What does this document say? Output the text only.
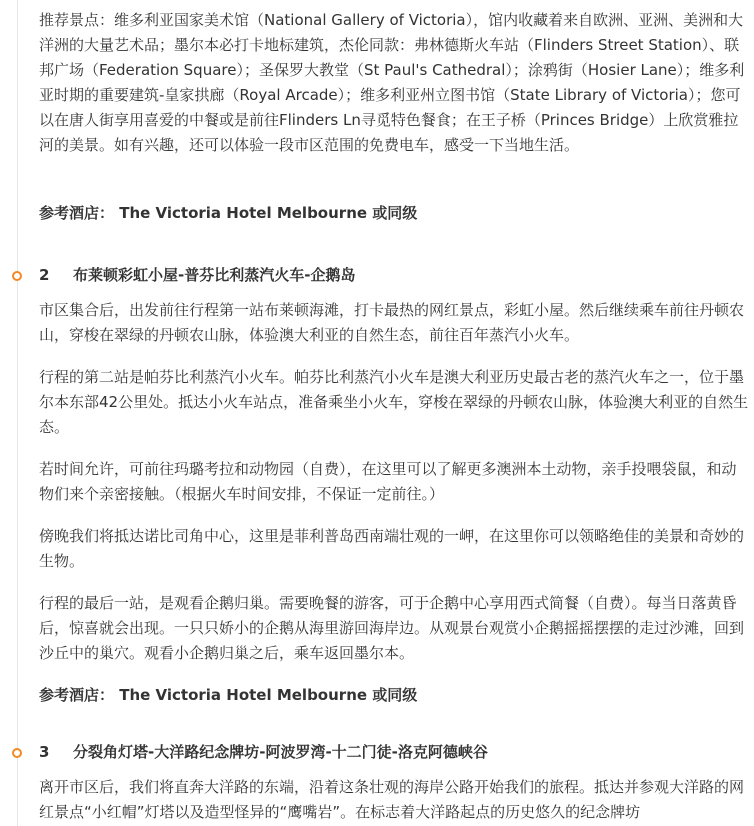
推荐景点：维多利亚国家美术馆（National Gallery of Victoria），馆内收藏着来自欧洲、亚洲、美洲和大洋洲的大量艺术品；墨尔本必打卡地标建筑，杰伦同款：弗林德斯火车站（Flinders Street Station）、联邦广场（Federation Square）；圣保罗大教堂（St Paul's Cathedral）；涂鸦街（Hosier Lane）；维多利亚时期的重要建筑-皇家拱廊（Royal Arcade）；维多利亚州立图书馆（State Library of Victoria）；您可以在唐人街享用喜爱的中餐或是前往Flinders Ln寻觅特色餐食；在王子桥（Princes Bridge）上欣赏雅拉河的美景。如有兴趣，还可以体验一段市区范围的免费电车，感受一下当地生活。

参考酒店： The Victoria Hotel Melbourne 或同级

2 布莱顿彩虹小屋-普芬比利蒸汽火车-企鹅岛

市区集合后，出发前往行程第一站布莱顿海滩，打卡最热的网红景点，彩虹小屋。然后继续乘车前往丹顿农山，穿梭在翠绿的丹顿农山脉，体验澳大利亚的自然生态，前往百年蒸汽小火车。

行程的第二站是帕芬比利蒸汽小火车。帕芬比利蒸汽小火车是澳大利亚历史最古老的蒸汽火车之一，位于墨尔本东部42公里处。抵达小火车站点，准备乘坐小火车，穿梭在翠绿的丹顿农山脉，体验澳大利亚的自然生态。

若时间允许，可前往玛璐考拉和动物园（自费），在这里可以了解更多澳洲本土动物，亲手投喂袋鼠，和动物们来个亲密接触。（根据火车时间安排，不保证一定前往。）

傍晚我们将抵达诺比司角中心，这里是菲利普岛西南端壮观的一岬，在这里你可以领略绝佳的美景和奇妙的生物。

行程的最后一站，是观看企鹅归巢。需要晚餐的游客，可于企鹅中心享用西式简餐（自费）。每当日落黄昏后，惊喜就会出现。一只只娇小的企鹅从海里游回海岸边。从观景台观赏小企鹅摇摇摆摆的走过沙滩，回到沙丘中的巢穴。观看小企鹅归巢之后，乘车返回墨尔本。

参考酒店： The Victoria Hotel Melbourne 或同级

3 分裂角灯塔-大洋路纪念牌坊-阿波罗湾-十二门徒-洛克阿德峡谷

离开市区后，我们将直奔大洋路的东端，沿着这条壮观的海岸公路开始我们的旅程。抵达并参观大洋路的网红景点“小红帽”灯塔以及造型怪异的“鹰嘴岩”。在标志着大洋路起点的历史悠久的纪念牌坊
